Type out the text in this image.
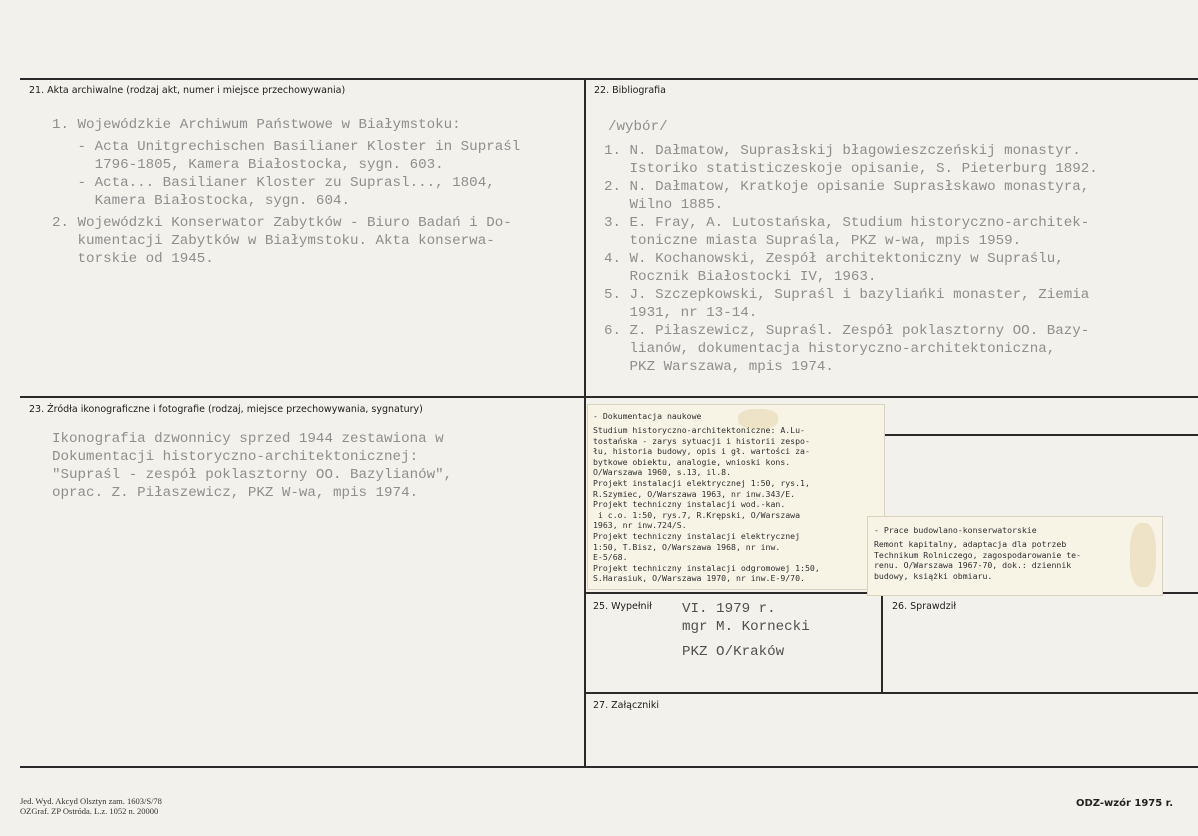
21. Akta archiwalne (rodzaj akt, numer i miejsce przechowywania)
1. Wojewódzkie Archiwum Państwowe w Białymstoku:
- Acta Unitgrechischen Basilianer Kloster in Supraśl
1796-1805, Kamera Białostocka, sygn. 603.
- Acta... Basilianer Kloster zu Suprasl..., 1804,
Kamera Białostocka, sygn. 604.
2. Wojewódzki Konserwator Zabytków - Biuro Badań i Do-
kumentacji Zabytków w Białymstoku. Akta konserwa-
torskie od 1945.
22. Bibliografia
/wybór/
1. N. Dałmatow, Suprasłskij błagowieszczeńskij monastyr.
Istoriko statisticzeskoje opisanie, S. Pieterburg 1892.
2. N. Dałmatow, Kratkoje opisanie Suprasłskawo monastyra,
Wilno 1885.
3. E. Fray, A. Lutostańska, Studium historyczno-architek-
toniczne miasta Supraśla, PKZ w-wa, mpis 1959.
4. W. Kochanowski, Zespół architektoniczny w Supraślu,
Rocznik Białostocki IV, 1963.
5. J. Szczepkowski, Supraśl i bazyliańki monaster, Ziemia
1931, nr 13-14.
6. Z. Piłaszewicz, Supraśl. Zespół poklasztorny OO. Bazy-
lianów, dokumentacja historyczno-architektoniczna,
PKZ Warszawa, mpis 1974.
23. Źródła ikonograficzne i fotografie (rodzaj, miejsce przechowywania, sygnatury)
Ikonografia dzwonnicy sprzed 1944 zestawiona w
Dokumentacji historyczno-architektonicznej:
"Supraśl - zespół poklasztorny OO. Bazylianów",
oprac. Z. Piłaszewicz, PKZ W-wa, mpis 1974.
- Dokumentacja naukowe
Studium historyczno-architektoniczne: A.Lu-
tostańska - zarys sytuacji i historii zespo-
łu, historia budowy, opis i gł. wartości za-
bytkowe obiektu, analogie, wnioski kons.
O/Warszawa 1960, s.13, il.8.
Projekt instalacji elektrycznej 1:50, rys.1,
R.Szymiec, O/Warszawa 1963, nr inw.343/E.
Projekt techniczny instalacji wod.-kan.
i c.o. 1:50, rys.7, R.Krępski, O/Warszawa
1963, nr inw.724/S.
Projekt techniczny instalacji elektrycznej
1:50, T.Bisz, O/Warszawa 1968, nr inw.
E-5/68.
Projekt techniczny instalacji odgromowej 1:50,
S.Harasiuk, O/Warszawa 1970, nr inw.E-9/70.
- Prace budowlano-konserwatorskie
Remont kapitalny, adaptacja dla potrzeb
Technikum Rolniczego, zagospodarowanie te-
renu. O/Warszawa 1967-70, dok.: dziennik
budowy, książki obmiaru.
25. Wypełnił VI. 1979 r.
mgr M. Kornecki
PKZ O/Kraków
26. Sprawdził
27. Załączniki
Jed. Wyd. Akcyd Olsztyn zam. 1603/S/78
OZGraf. ZP Ostróda. L.z. 1052 n. 20000
ODZ-wzór 1975 r.
